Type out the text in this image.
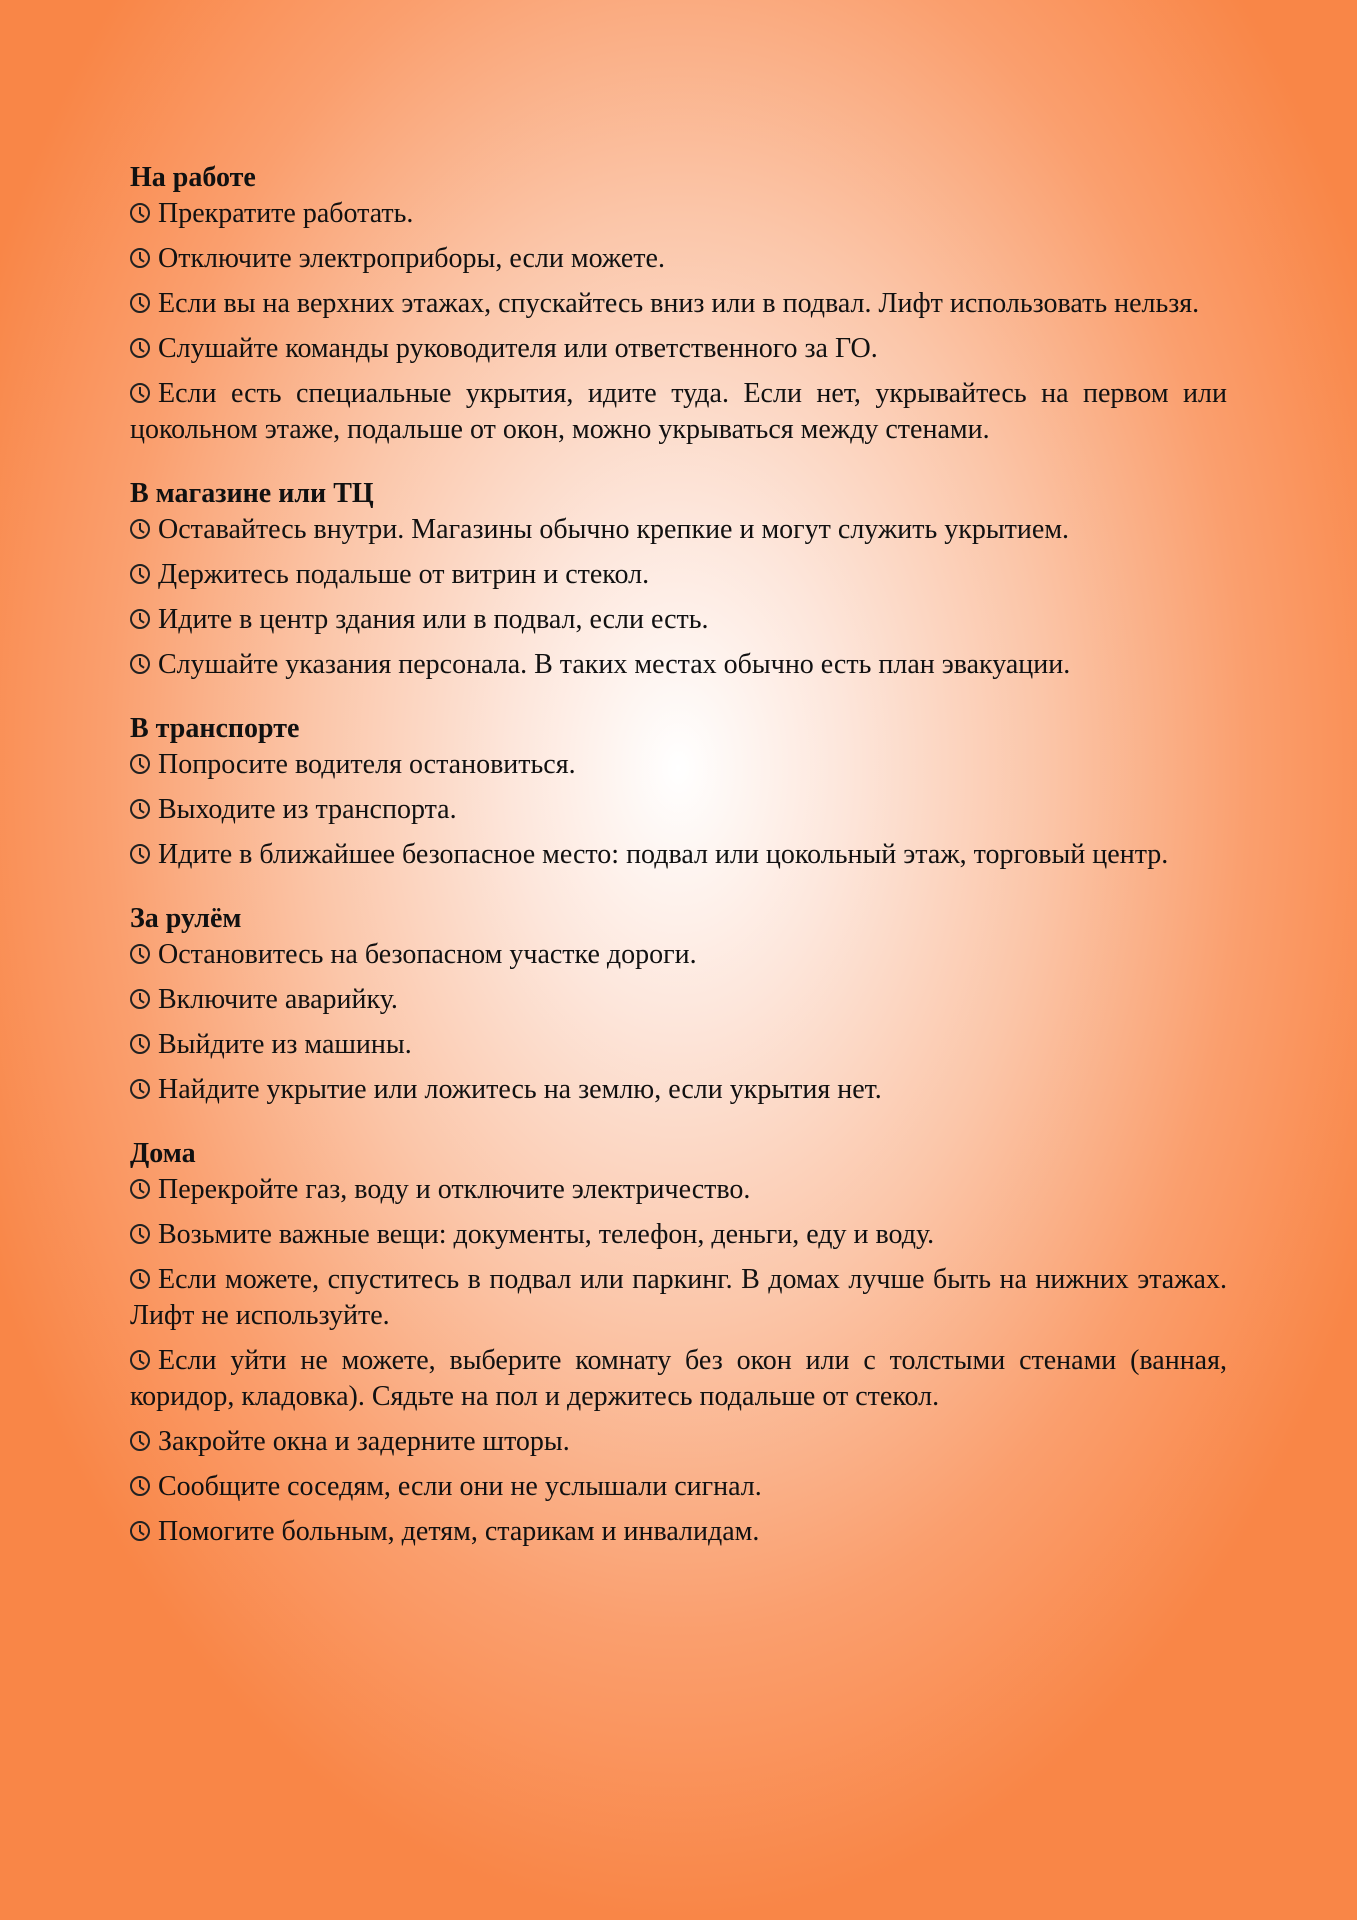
На работе

Прекратите работать.

Отключите электроприборы, если можете.

Если вы на верхних этажах, спускайтесь вниз или в подвал. Лифт использовать нельзя.

Слушайте команды руководителя или ответственного за ГО.

Если есть специальные укрытия, идите туда. Если нет, укрывайтесь на первом или цокольном этаже, подальше от окон, можно укрываться между стенами.

В магазине или ТЦ

Оставайтесь внутри. Магазины обычно крепкие и могут служить укрытием.

Держитесь подальше от витрин и стекол.

Идите в центр здания или в подвал, если есть.

Слушайте указания персонала. В таких местах обычно есть план эвакуации.

В транспорте

Попросите водителя остановиться.

Выходите из транспорта.

Идите в ближайшее безопасное место: подвал или цокольный этаж, торговый центр.

За рулём

Остановитесь на безопасном участке дороги.

Включите аварийку.

Выйдите из машины.

Найдите укрытие или ложитесь на землю, если укрытия нет.

Дома

Перекройте газ, воду и отключите электричество.

Возьмите важные вещи: документы, телефон, деньги, еду и воду.

Если можете, спуститесь в подвал или паркинг. В домах лучше быть на нижних этажах. Лифт не используйте.

Если уйти не можете, выберите комнату без окон или с толстыми стенами (ванная, коридор, кладовка). Сядьте на пол и держитесь подальше от стекол.

Закройте окна и задерните шторы.

Сообщите соседям, если они не услышали сигнал.

Помогите больным, детям, старикам и инвалидам.
